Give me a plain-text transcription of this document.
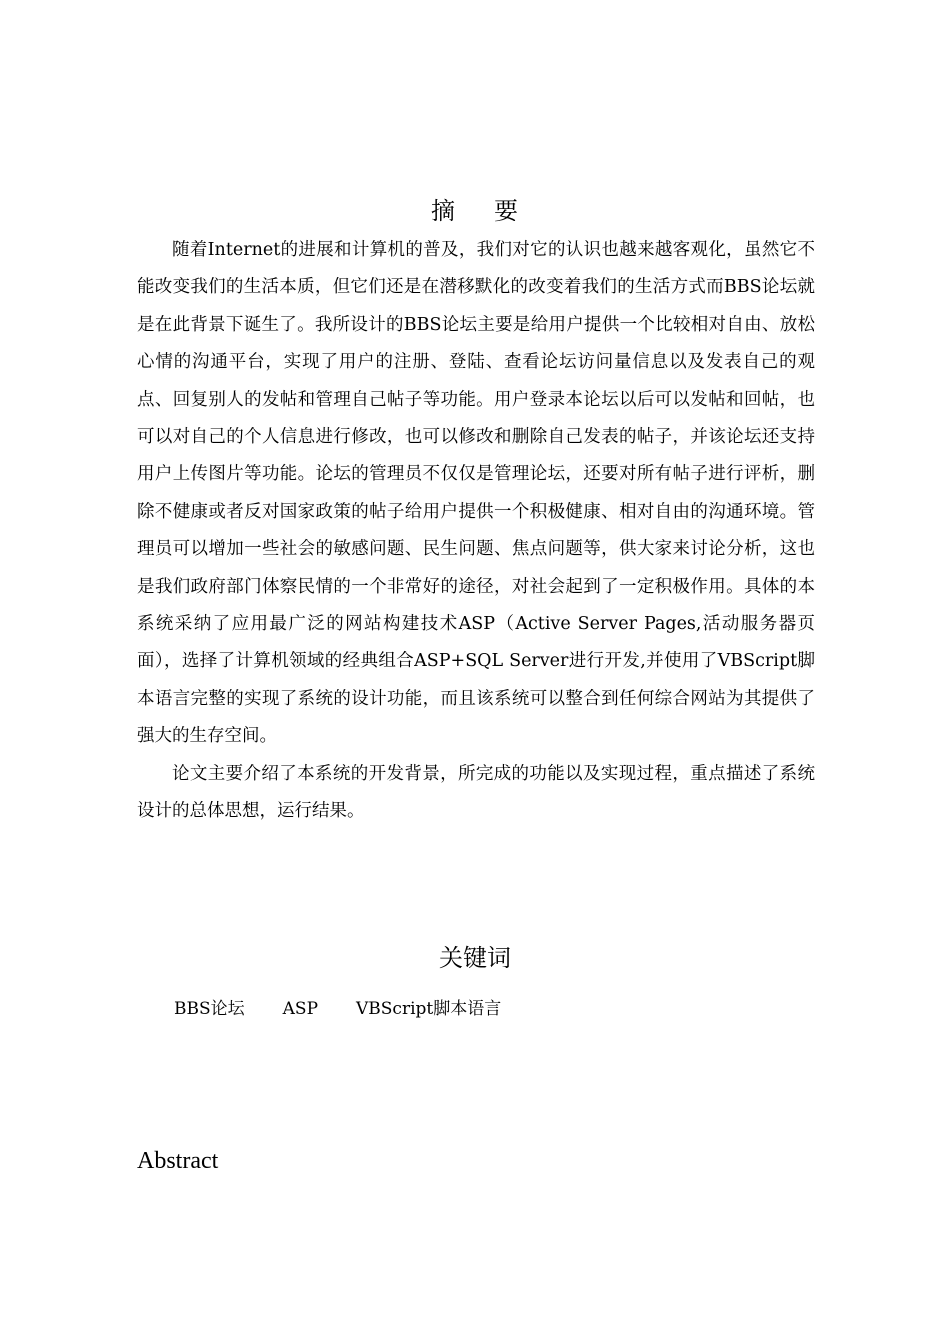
摘 要

随着Internet的进展和计算机的普及，我们对它的认识也越来越客观化，虽然它不能改变我们的生活本质，但它们还是在潜移默化的改变着我们的生活方式而BBS论坛就是在此背景下诞生了。我所设计的BBS论坛主要是给用户提供一个比较相对自由、放松心情的沟通平台，实现了用户的注册、登陆、查看论坛访问量信息以及发表自己的观点、回复别人的发帖和管理自己帖子等功能。用户登录本论坛以后可以发帖和回帖，也可以对自己的个人信息进行修改，也可以修改和删除自己发表的帖子，并该论坛还支持用户上传图片等功能。论坛的管理员不仅仅是管理论坛，还要对所有帖子进行评析，删除不健康或者反对国家政策的帖子给用户提供一个积极健康、相对自由的沟通环境。管理员可以增加一些社会的敏感问题、民生问题、焦点问题等，供大家来讨论分析，这也是我们政府部门体察民情的一个非常好的途径，对社会起到了一定积极作用。具体的本系统采纳了应用最广泛的网站构建技术ASP（Active Server Pages,活动服务器页面），选择了计算机领域的经典组合ASP+SQL Server进行开发,并使用了VBScript脚本语言完整的实现了系统的设计功能，而且该系统可以整合到任何综合网站为其提供了强大的生存空间。

论文主要介绍了本系统的开发背景，所完成的功能以及实现过程，重点描述了系统设计的总体思想，运行结果。

关键词
BBS论坛 ASP VBScript脚本语言
Abstract
